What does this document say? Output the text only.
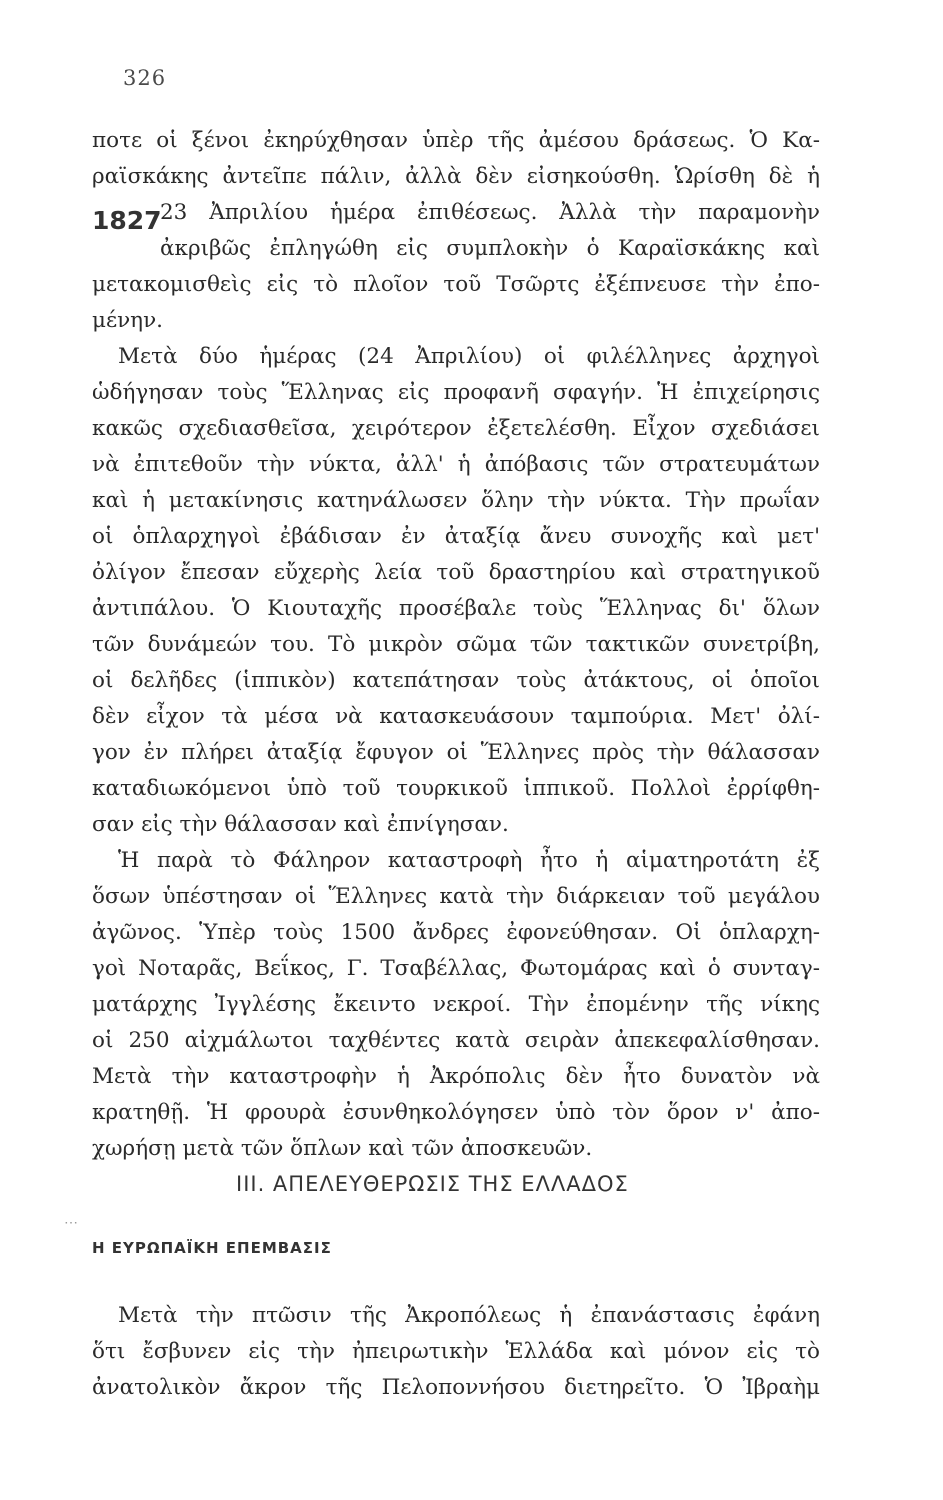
326
1827
ποτε οἱ ξένοι ἐκηρύχθησαν ὑπὲρ τῆς ἀμέσου δράσεως. Ὁ Κα-
ραϊσκάκης ἀντεῖπε πάλιν, ἀλλὰ δὲν εἰσηκούσθη. Ὡρίσθη δὲ ἡ
23 Ἀπριλίου ἡμέρα ἐπιθέσεως. Ἀλλὰ τὴν παραμονὴν
ἀκριβῶς ἐπληγώθη εἰς συμπλοκὴν ὁ Καραϊσκάκης καὶ
μετακομισθεὶς εἰς τὸ πλοῖον τοῦ Τσῶρτς ἐξέπνευσε τὴν ἐπο-
μένην.
Μετὰ δύο ἡμέρας (24 Ἀπριλίου) οἱ φιλέλληνες ἀρχηγοὶ
ὡδήγησαν τοὺς Ἕλληνας εἰς προφανῆ σφαγήν. Ἡ ἐπιχείρησις
κακῶς σχεδιασθεῖσα, χειρότερον ἐξετελέσθη. Εἶχον σχεδιάσει
νὰ ἐπιτεθοῦν τὴν νύκτα, ἀλλ' ἡ ἀπόβασις τῶν στρατευμάτων
καὶ ἡ μετακίνησις κατηνάλωσεν ὅλην τὴν νύκτα. Τὴν πρωΐαν
οἱ ὁπλαρχηγοὶ ἐβάδισαν ἐν ἀταξίᾳ ἄνευ συνοχῆς καὶ μετ'
ὀλίγον ἔπεσαν εὔχερὴς λεία τοῦ δραστηρίου καὶ στρατηγικοῦ
ἀντιπάλου. Ὁ Κιουταχῆς προσέβαλε τοὺς Ἕλληνας δι' ὅλων
τῶν δυνάμεών του. Τὸ μικρὸν σῶμα τῶν τακτικῶν συνετρίβη,
οἱ δελῆδες (ἱππικὸν) κατεπάτησαν τοὺς ἀτάκτους, οἱ ὁποῖοι
δὲν εἶχον τὰ μέσα νὰ κατασκευάσουν ταμπούρια. Μετ' ὀλί-
γον ἐν πλήρει ἀταξίᾳ ἔφυγον οἱ Ἕλληνες πρὸς τὴν θάλασσαν
καταδιωκόμενοι ὑπὸ τοῦ τουρκικοῦ ἱππικοῦ. Πολλοὶ ἐρρίφθη-
σαν εἰς τὴν θάλασσαν καὶ ἐπνίγησαν.
Ἡ παρὰ τὸ Φάληρον καταστροφὴ ἦτο ἡ αἱματηροτάτη ἐξ
ὅσων ὑπέστησαν οἱ Ἕλληνες κατὰ τὴν διάρκειαν τοῦ μεγάλου
ἀγῶνος. Ὑπὲρ τοὺς 1500 ἄνδρες ἐφονεύθησαν. Οἱ ὁπλαρχη-
γοὶ Νοταρᾶς, Βεΐκος, Γ. Τσαβέλλας, Φωτομάρας καὶ ὁ συνταγ-
ματάρχης Ἰγγλέσης ἔκειντο νεκροί. Τὴν ἐπομένην τῆς νίκης
οἱ 250 αἰχμάλωτοι ταχθέντες κατὰ σειρὰν ἀπεκεφαλίσθησαν.
Μετὰ τὴν καταστροφὴν ἡ Ἀκρόπολις δὲν ἦτο δυνατὸν νὰ
κρατηθῇ. Ἡ φρουρὰ ἐσυνθηκολόγησεν ὑπὸ τὸν ὅρον ν' ἀπο-
χωρήσῃ μετὰ τῶν ὅπλων καὶ τῶν ἀποσκευῶν.
III. ΑΠΕΛΕΥΘΕΡΩΣΙΣ ΤΗΣ ΕΛΛΑΔΟΣ
⋯
Η ΕΥΡΩΠΑΪΚΗ ΕΠΕΜΒΑΣΙΣ
Μετὰ τὴν πτῶσιν τῆς Ἀκροπόλεως ἡ ἐπανάστασις ἐφάνη
ὅτι ἔσβυνεν εἰς τὴν ἠπειρωτικὴν Ἑλλάδα καὶ μόνον εἰς τὸ
ἀνατολικὸν ἄκρον τῆς Πελοποννήσου διετηρεῖτο. Ὁ Ἰβραὴμ
